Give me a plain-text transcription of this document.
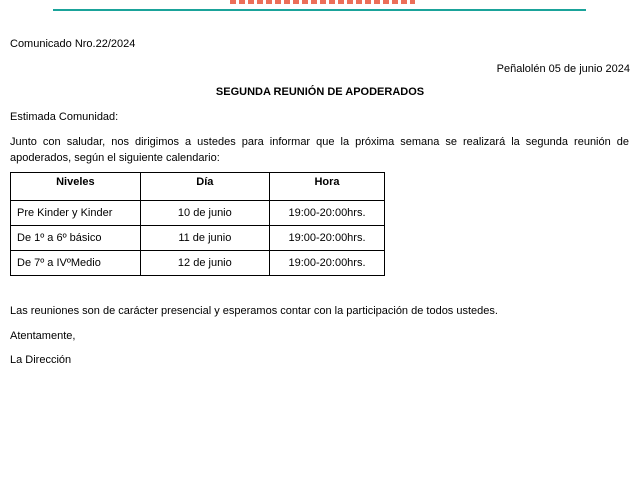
Comunicado Nro.22/2024
Peñalolén 05 de junio 2024
SEGUNDA REUNIÓN DE APODERADOS
Estimada Comunidad:
Junto con saludar, nos dirigimos a ustedes para informar que la próxima semana se realizará la segunda reunión de apoderados, según el siguiente calendario:
Niveles	Día	Hora
Pre Kinder y Kinder	10 de junio	19:00-20:00hrs.
De 1º a 6º básico	11 de junio	19:00-20:00hrs.
De 7º a IVºMedio	12 de junio	19:00-20:00hrs.
Las reuniones son de carácter presencial y esperamos contar con la participación de todos ustedes.
Atentamente,
La Dirección
